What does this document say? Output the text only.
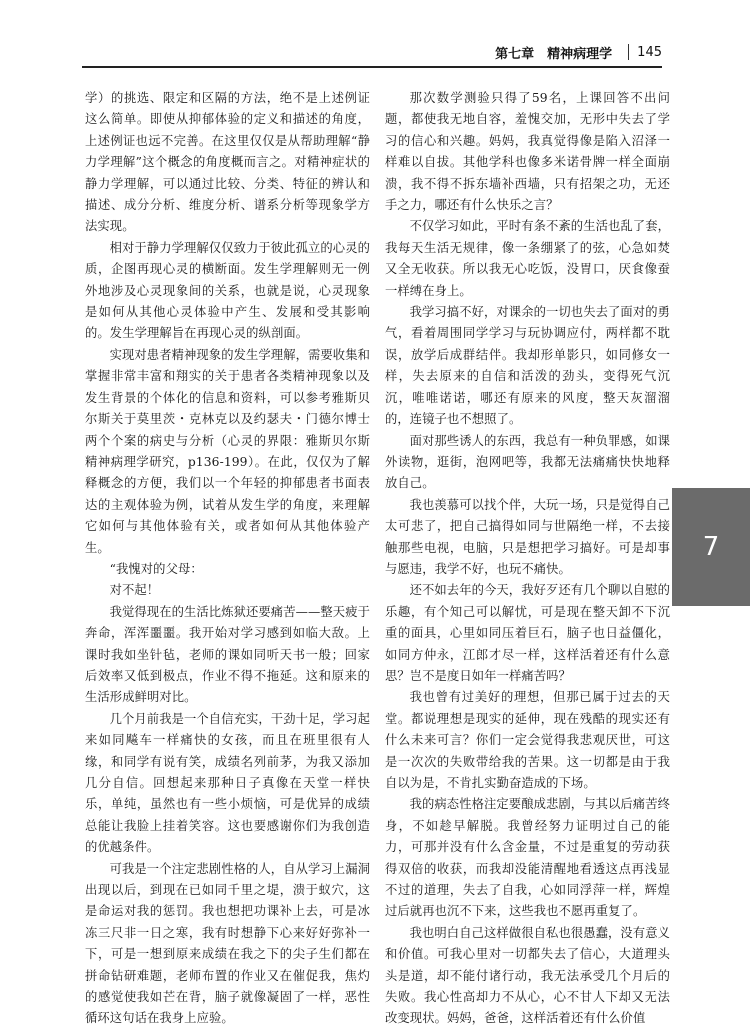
第七章　精神病理学 145

学）的挑选、限定和区隔的方法，绝不是上述例证这么简单。即使从抑郁体验的定义和描述的角度，上述例证也远不完善。在这里仅仅是从帮助理解“静力学理解”这个概念的角度概而言之。对精神症状的静力学理解，可以通过比较、分类、特征的辨认和描述、成分分析、维度分析、谱系分析等现象学方法实现。

相对于静力学理解仅仅致力于彼此孤立的心灵的质，企图再现心灵的横断面。发生学理解则无一例外地涉及心灵现象间的关系，也就是说，心灵现象是如何从其他心灵体验中产生、发展和受其影响的。发生学理解旨在再现心灵的纵剖面。

实现对患者精神现象的发生学理解，需要收集和掌握非常丰富和翔实的关于患者各类精神现象以及发生背景的个体化的信息和资料，可以参考雅斯贝尔斯关于莫里茨・克林克以及约瑟夫・门德尔博士两个个案的病史与分析（心灵的界限：雅斯贝尔斯精神病理学研究，p136-199）。在此，仅仅为了解释概念的方便，我们以一个年轻的抑郁患者书面表达的主观体验为例，试着从发生学的角度，来理解它如何与其他体验有关，或者如何从其他体验产生。

“我愧对的父母：

对不起！

我觉得现在的生活比炼狱还要痛苦——整天疲于奔命，浑浑噩噩。我开始对学习感到如临大敌。上课时我如坐针毡，老师的课如同听天书一般；回家后效率又低到极点，作业不得不拖延。这和原来的生活形成鲜明对比。

几个月前我是一个自信充实，干劲十足，学习起来如同飚车一样痛快的女孩，而且在班里很有人缘，和同学有说有笑，成绩名列前茅，为我又添加几分自信。回想起来那种日子真像在天堂一样快乐，单纯，虽然也有一些小烦恼，可是优异的成绩总能让我脸上挂着笑容。这也要感谢你们为我创造的优越条件。

可我是一个注定悲剧性格的人，自从学习上漏洞出现以后，到现在已如同千里之堤，溃于蚁穴，这是命运对我的惩罚。我也想把功课补上去，可是冰冻三尺非一日之寒，我有时想静下心来好好弥补一下，可是一想到原来成绩在我之下的尖子生们都在拼命钻研难题，老师布置的作业又在催促我，焦灼的感觉使我如芒在背，脑子就像凝固了一样，恶性循环这句话在我身上应验。

那次数学测验只得了59名，上课回答不出问题，都使我无地自容，羞愧交加，无形中失去了学习的信心和兴趣。妈妈，我真觉得像是陷入沼泽一样难以自拔。其他学科也像多米诺骨牌一样全面崩溃，我不得不拆东墙补西墙，只有招架之功，无还手之力，哪还有什么快乐之言？

不仅学习如此，平时有条不紊的生活也乱了套，我每天生活无规律，像一条绷紧了的弦，心急如焚又全无收获。所以我无心吃饭，没胃口，厌食像蚕一样缚在身上。

我学习搞不好，对课余的一切也失去了面对的勇气，看着周围同学学习与玩协调应付，两样都不耽误，放学后成群结伴。我却形单影只，如同修女一样，失去原来的自信和活泼的劲头，变得死气沉沉，唯唯诺诺，哪还有原来的风度，整天灰溜溜的，连镜子也不想照了。

面对那些诱人的东西，我总有一种负罪感，如课外读物，逛街，泡网吧等，我都无法痛痛快快地释放自己。

我也羡慕可以找个伴，大玩一场，只是觉得自己太可悲了，把自己搞得如同与世隔绝一样，不去接触那些电视，电脑，只是想把学习搞好。可是却事与愿违，我学不好，也玩不痛快。

还不如去年的今天，我好歹还有几个聊以自慰的乐趣，有个知己可以解忧，可是现在整天卸不下沉重的面具，心里如同压着巨石，脑子也日益僵化，如同方仲永，江郎才尽一样，这样活着还有什么意思？岂不是度日如年一样痛苦吗？

我也曾有过美好的理想，但那已属于过去的天堂。都说理想是现实的延伸，现在残酷的现实还有什么未来可言？你们一定会觉得我悲观厌世，可这是一次次的失败带给我的苦果。这一切都是由于我自以为是，不肯扎实勤奋造成的下场。

我的病态性格注定要酿成悲剧，与其以后痛苦终身，不如趁早解脱。我曾经努力证明过自己的能力，可那并没有什么含金量，不过是重复的劳动获得双倍的收获，而我却没能清醒地看透这点再浅显不过的道理，失去了自我，心如同浮萍一样，辉煌过后就再也沉不下来，这些我也不愿再重复了。

我也明白自己这样做很自私也很愚蠢，没有意义和价值。可我心里对一切都失去了信心，大道理头头是道，却不能付诸行动，我无法承受几个月后的失败。我心性高却力不从心，心不甘人下却又无法改变现状。妈妈，爸爸，这样活着还有什么价值

7
